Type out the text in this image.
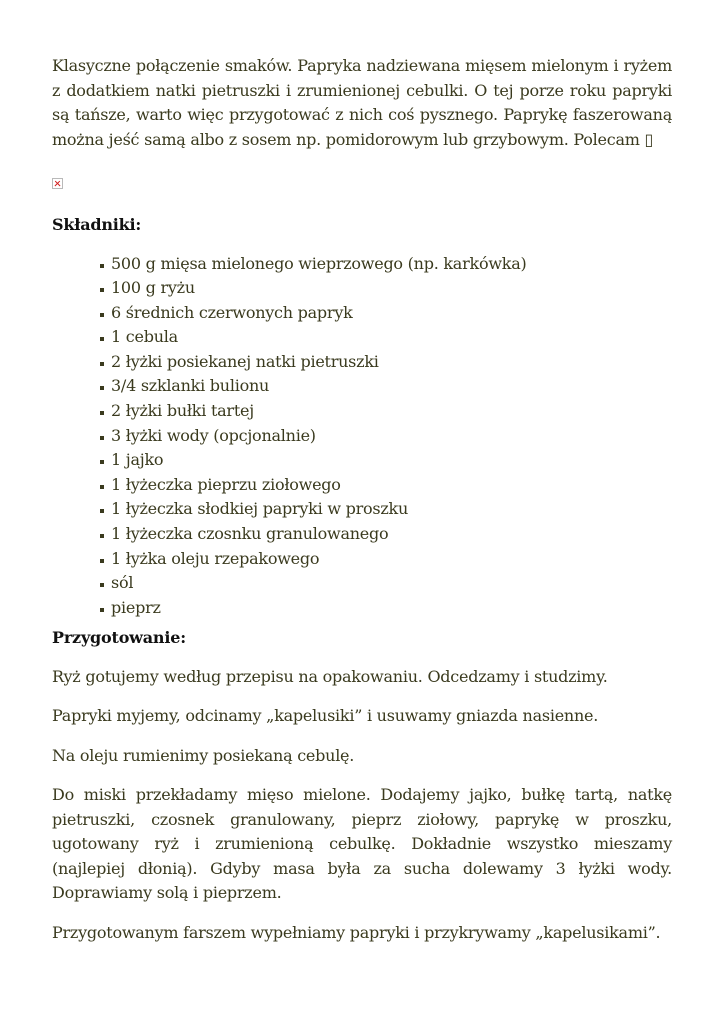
Klasyczne połączenie smaków. Papryka nadziewana mięsem mielonym i ryżem z dodatkiem natki pietruszki i zrumienionej cebulki. O tej porze roku papryki są tańsze, warto więc przygotować z nich coś pysznego. Paprykę faszerowaną można jeść samą albo z sosem np. pomidorowym lub grzybowym. Polecam ▯

Składniki:
500 g mięsa mielonego wieprzowego (np. karkówka)
100 g ryżu
6 średnich czerwonych papryk
1 cebula
2 łyżki posiekanej natki pietruszki
3/4 szklanki bulionu
2 łyżki bułki tartej
3 łyżki wody (opcjonalnie)
1 jajko
1 łyżeczka pieprzu ziołowego
1 łyżeczka słodkiej papryki w proszku
1 łyżeczka czosnku granulowanego
1 łyżka oleju rzepakowego
sól
pieprz
Przygotowanie:

Ryż gotujemy według przepisu na opakowaniu. Odcedzamy i studzimy.

Papryki myjemy, odcinamy „kapelusiki” i usuwamy gniazda nasienne.

Na oleju rumienimy posiekaną cebulę.

Do miski przekładamy mięso mielone. Dodajemy jajko, bułkę tartą, natkę pietruszki, czosnek granulowany, pieprz ziołowy, paprykę w proszku, ugotowany ryż i zrumienioną cebulkę. Dokładnie wszystko mieszamy (najlepiej dłonią). Gdyby masa była za sucha dolewamy 3 łyżki wody. Doprawiamy solą i pieprzem.

Przygotowanym farszem wypełniamy papryki i przykrywamy „kapelusikami”.
